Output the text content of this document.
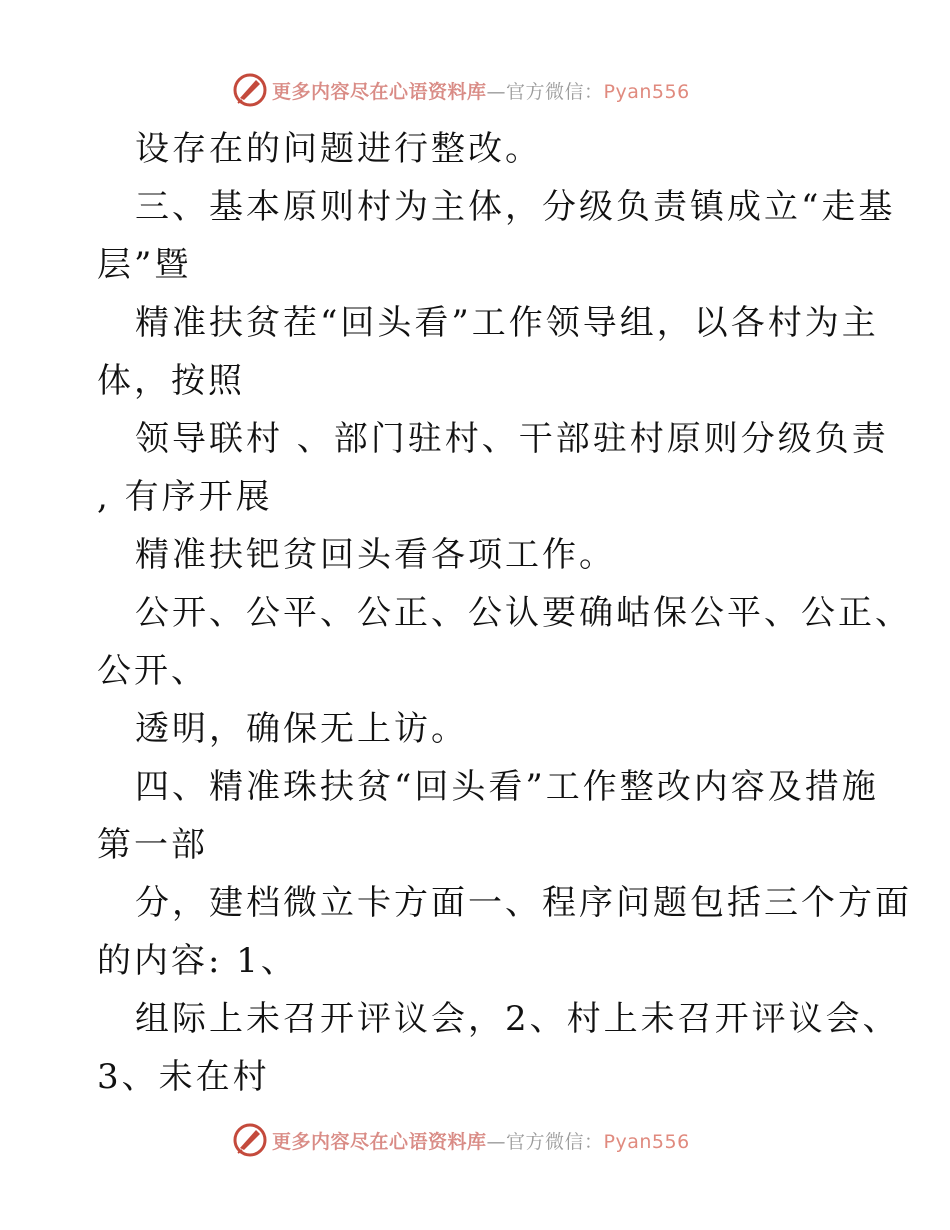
更多内容尽在心语资料库—官方微信：Pyan556
设存在的问题进行整改。
三、基本原则村为主体，分级负责镇成立“走基
层”暨
精准扶贫茬“回头看”工作领导组，以各村为主
体，按照
领导联村 、部门驻村、干部驻村原则分级负责
, 有序开展
精准扶钯贫回头看各项工作。
公开、公平、公正、公认要确岵保公平、公正、
公开、
透明，确保无上访。
四、精准珠扶贫“回头看”工作整改内容及措施
第一部
分，建档微立卡方面一、程序问题包括三个方面
的内容: 1、
组际上未召开评议会，2、村上未召开评议会、
3、未在村
更多内容尽在心语资料库—官方微信：Pyan556
